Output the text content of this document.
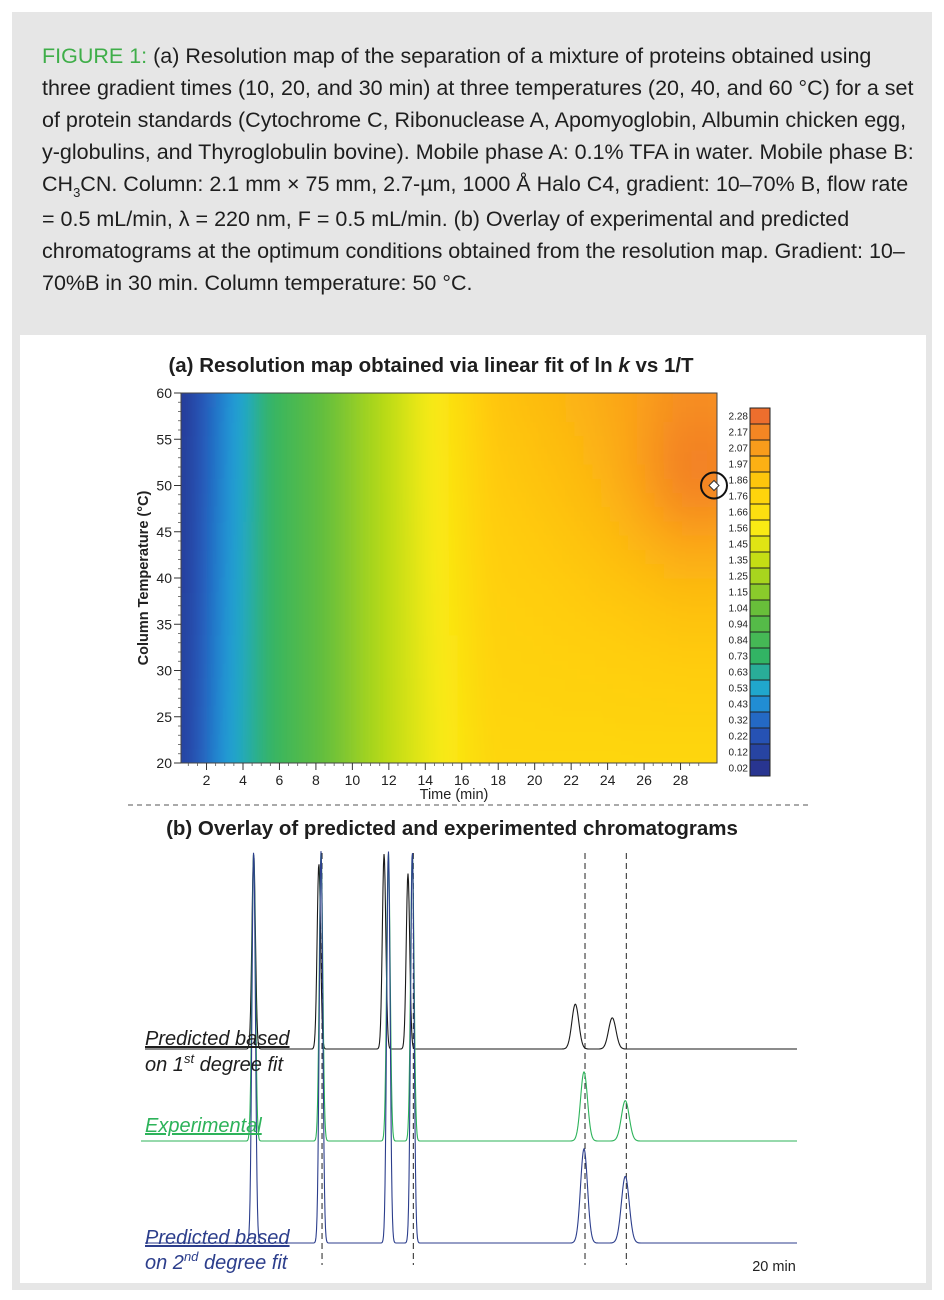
FIGURE 1: (a) Resolution map of the separation of a mixture of proteins obtained using three gradient times (10, 20, and 30 min) at three temperatures (20, 40, and 60 °C) for a set of protein standards (Cytochrome C, Ribonuclease A, Apomyoglobin, Albumin chicken egg, y-globulins, and Thyroglobulin bovine). Mobile phase A: 0.1% TFA in water. Mobile phase B: $CH_3CN$. Column: 2.1 mm × 75 mm, 2.7-µm, 1000 Å Halo C4, gradient: 10–70% B, flow rate = 0.5 mL/min, λ = 220 nm, F = 0.5 mL/min. (b) Overlay of experimental and predicted chromatograms at the optimum conditions obtained from the resolution map. Gradient: 10–70%B in 30 min. Column temperature: 50 °C.
(a) Resolution map obtained via linear fit of ln k vs 1/T
20
25
30
35
40
45
50
55
60
2 4 6 8 10 12 14 16 18 20 22 24 26 28
Column Temperature (°C)
Time (min)
2.28
2.17
2.07
1.97
1.86
1.76
1.66
1.56
1.45
1.35
1.25
1.15
1.04
0.94
0.84
0.73
0.63
0.53
0.43
0.32
0.22
0.12
0.02
(b) Overlay of predicted and experimented chromatograms
Predicted based
on 1st degree fit
Experimental
Predicted based
on 2nd degree fit	20 min
